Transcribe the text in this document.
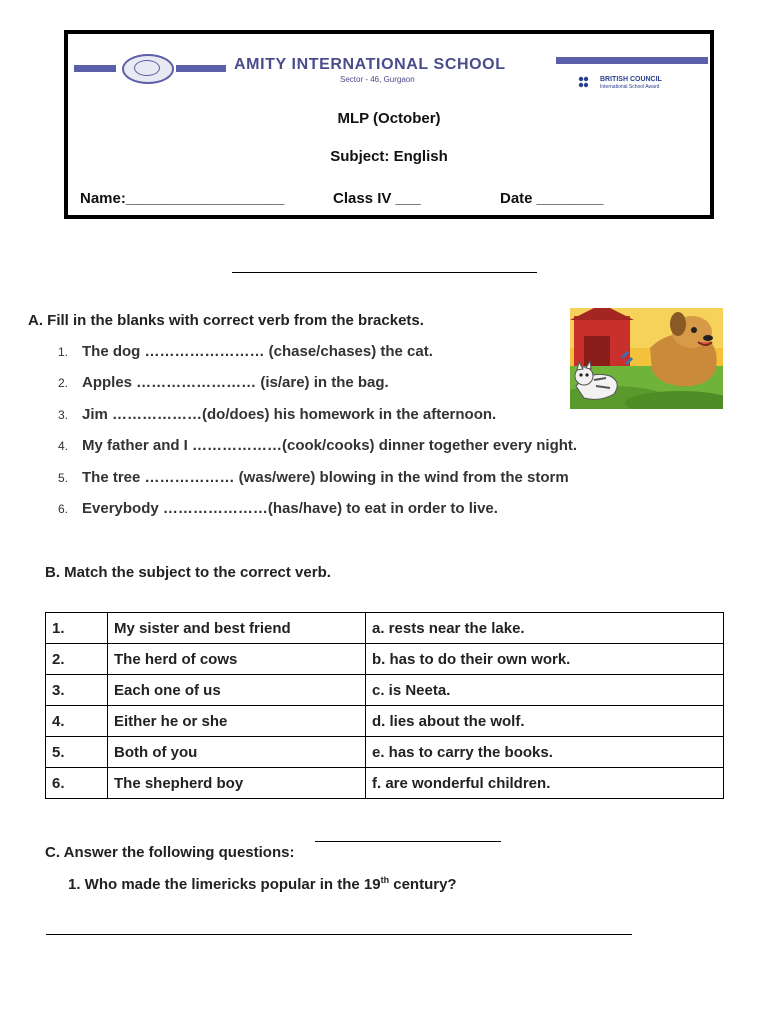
AMITY INTERNATIONAL SCHOOL
Sector - 46, Gurgaon	BRITISH COUNCIL
International School Award
MLP (October)
Subject: English
Name:___________________	Class IV ___	Date ________
A. Fill in the blanks with correct verb from the brackets.
1. The dog …………………… (chase/chases) the cat.
2. Apples …………………… (is/are) in the bag.
3. Jim ………………(do/does) his homework in the afternoon.
4. My father and I ………………(cook/cooks) dinner together every night.
5. The tree ……………… (was/were) blowing in the wind from the storm
6. Everybody …………………(has/have) to eat in order to live.
B. Match the subject to the correct verb.
1.	My sister and best friend	a. rests near the lake.
2.	The herd of cows	b. has to do their own work.
3.	Each one of us	c. is Neeta.
4.	Either he or she	d. lies about the wolf.
5.	Both of you	e. has to carry the books.
6.	The shepherd boy	f. are wonderful children.
C. Answer the following questions:
1. Who made the limericks popular in the 19th century?
